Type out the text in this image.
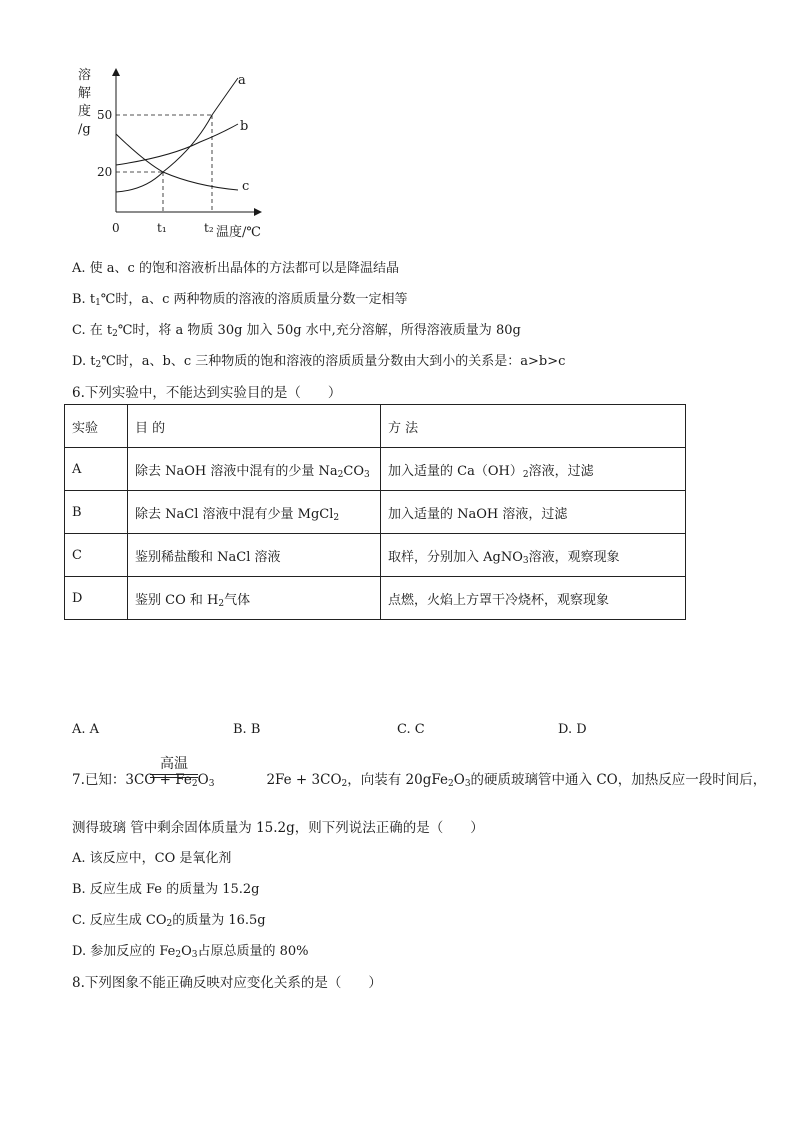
溶
解
度
/g
50
20
0	t₁	t₂ 温度/℃
a
b
c
A. 使 a、c 的饱和溶液析出晶体的方法都可以是降温结晶
B. $t_1℃$时，a、c 两种物质的溶液的溶质质量分数一定相等
C. 在 $t_2℃$时，将 a 物质 30g 加入 50g 水中,充分溶解，所得溶液质量为 80g
D. $t_2℃$时，a、b、c 三种物质的饱和溶液的溶质质量分数由大到小的关系是：a>b>c
6.下列实验中，不能达到实验目的是（　　）
实验	目 的	方 法
A	除去 NaOH 溶液中混有的少量 $Na_2CO_3$	加入适量的 $Ca(OH)_2$溶液，过滤
B	除去 NaCl 溶液中混有少量 MgCl$_2$	加入适量的 NaOH 溶液，过滤
C	鉴别稀盐酸和 NaCl 溶液	取样，分别加入 AgNO$_3$溶液，观察现象
D	鉴别 CO 和 $H_2$气体	点燃，火焰上方罩干冷烧杯，观察现象
A. A	B. B	C. C	D. D
高温
7.已知：$3CO + Fe_2O_3$	$2Fe + 3CO_2$，向装有 $20gFe_2O_3$的硬质玻璃管中通入 CO，加热反应一段时间后，
测得玻璃 管中剩余固体质量为 15.2g，则下列说法正确的是（　　）
A. 该反应中，CO 是氧化剂
B. 反应生成 Fe 的质量为 15.2g
C. 反应生成 $CO_2$的质量为 16.5g
D. 参加反应的 $Fe_2O_3$占原总质量的 80%
8.下列图象不能正确反映对应变化关系的是（　　）
